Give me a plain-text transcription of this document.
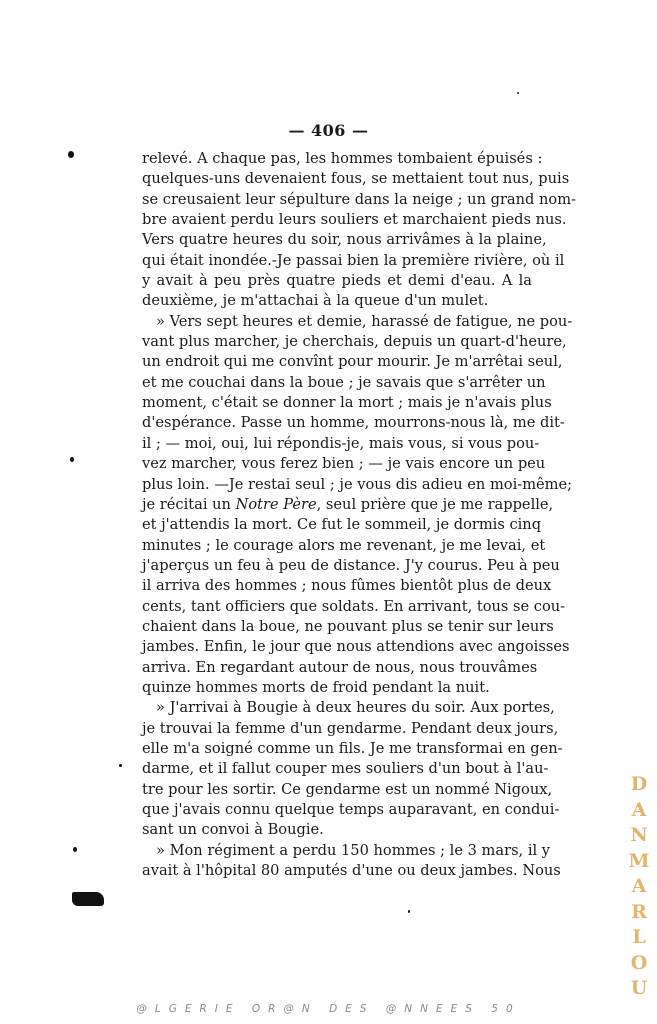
— 406 —
relevé. A chaque pas, les hommes tombaient épuisés :
quelques-uns devenaient fous, se mettaient tout nus, puis
se creusaient leur sépulture dans la neige ; un grand nom-
bre avaient perdu leurs souliers et marchaient pieds nus.
Vers quatre heures du soir, nous arrivâmes à la plaine,
qui était inondée.-Je passai bien la première rivière, où il
y avait à peu près quatre pieds et demi d'eau. A la
deuxième, je m'attachai à la queue d'un mulet.
» Vers sept heures et demie, harassé de fatigue, ne pou-
vant plus marcher, je cherchais, depuis un quart-d'heure,
un endroit qui me convînt pour mourir. Je m'arrêtai seul,
et me couchai dans la boue ; je savais que s'arrêter un
moment, c'était se donner la mort ; mais je n'avais plus
d'espérance. Passe un homme, mourrons-nous là, me dit-
il ; — moi, oui, lui répondis-je, mais vous, si vous pou-
vez marcher, vous ferez bien ; — je vais encore un peu
plus loin. —Je restai seul ; je vous dis adieu en moi-même;
je récitai un Notre Père, seul prière que je me rappelle,
et j'attendis la mort. Ce fut le sommeil, je dormis cinq
minutes ; le courage alors me revenant, je me levai, et
j'aperçus un feu à peu de distance. J'y courus. Peu à peu
il arriva des hommes ; nous fûmes bientôt plus de deux
cents, tant officiers que soldats. En arrivant, tous se cou-
chaient dans la boue, ne pouvant plus se tenir sur leurs
jambes. Enfin, le jour que nous attendions avec angoisses
arriva. En regardant autour de nous, nous trouvâmes
quinze hommes morts de froid pendant la nuit.
» J'arrivai à Bougie à deux heures du soir. Aux portes,
je trouvai la femme d'un gendarme. Pendant deux jours,
elle m'a soigné comme un fils. Je me transformai en gen-
darme, et il fallut couper mes souliers d'un bout à l'au-
tre pour les sortir. Ce gendarme est un nommé Nigoux,
que j'avais connu quelque temps auparavant, en condui-
sant un convoi à Bougie.
» Mon régiment a perdu 150 hommes ; le 3 mars, il y
avait à l'hôpital 80 amputés d'une ou deux jambes. Nous
D
A
N
M
A
R
L
O
U
@LGERIE OR@N DES @NNEES 50
